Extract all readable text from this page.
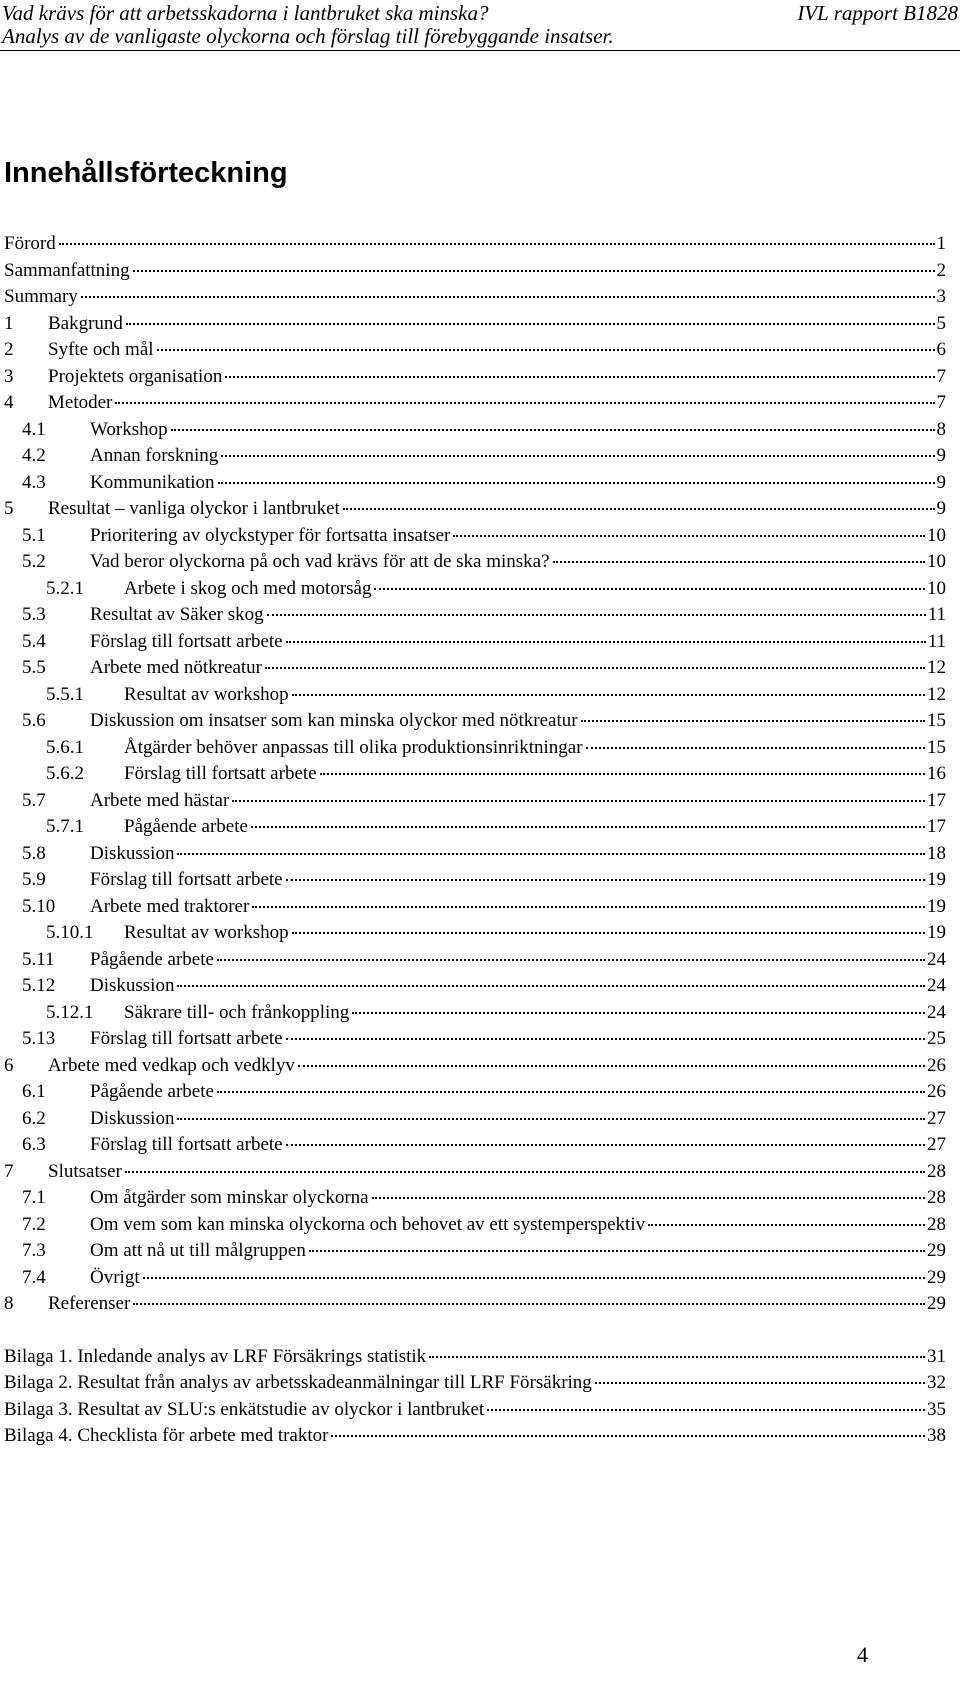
Vad krävs för att arbetsskadorna i lantbruket ska minska?
Analys av de vanligaste olyckorna och förslag till förebyggande insatser.
IVL rapport B1828
Innehållsförteckning
Förord	1
Sammanfattning	2
Summary	3
1	Bakgrund	5
2	Syfte och mål	6
3	Projektets organisation	7
4	Metoder	7
4.1	Workshop	8
4.2	Annan forskning	9
4.3	Kommunikation	9
5	Resultat – vanliga olyckor i lantbruket	9
5.1	Prioritering av olyckstyper för fortsatta insatser	10
5.2	Vad beror olyckorna på och vad krävs för att de ska minska?	10
5.2.1	Arbete i skog och med motorsåg	10
5.3	Resultat av Säker skog	11
5.4	Förslag till fortsatt arbete	11
5.5	Arbete med nötkreatur	12
5.5.1	Resultat av workshop	12
5.6	Diskussion om insatser som kan minska olyckor med nötkreatur	15
5.6.1	Åtgärder behöver anpassas till olika produktionsinriktningar	15
5.6.2	Förslag till fortsatt arbete	16
5.7	Arbete med hästar	17
5.7.1	Pågående arbete	17
5.8	Diskussion	18
5.9	Förslag till fortsatt arbete	19
5.10	Arbete med traktorer	19
5.10.1	Resultat av workshop	19
5.11	Pågående arbete	24
5.12	Diskussion	24
5.12.1	Säkrare till- och frånkoppling	24
5.13	Förslag till fortsatt arbete	25
6	Arbete med vedkap och vedklyv	26
6.1	Pågående arbete	26
6.2	Diskussion	27
6.3	Förslag till fortsatt arbete	27
7	Slutsatser	28
7.1	Om åtgärder som minskar olyckorna	28
7.2	Om vem som kan minska olyckorna och behovet av ett systemperspektiv	28
7.3	Om att nå ut till målgruppen	29
7.4	Övrigt	29
8	Referenser	29
Bilaga 1. Inledande analys av LRF Försäkrings statistik	31
Bilaga 2. Resultat från analys av arbetsskadeanmälningar till LRF Försäkring	32
Bilaga 3. Resultat av SLU:s enkätstudie av olyckor i lantbruket	35
Bilaga 4. Checklista för arbete med traktor	38
4
